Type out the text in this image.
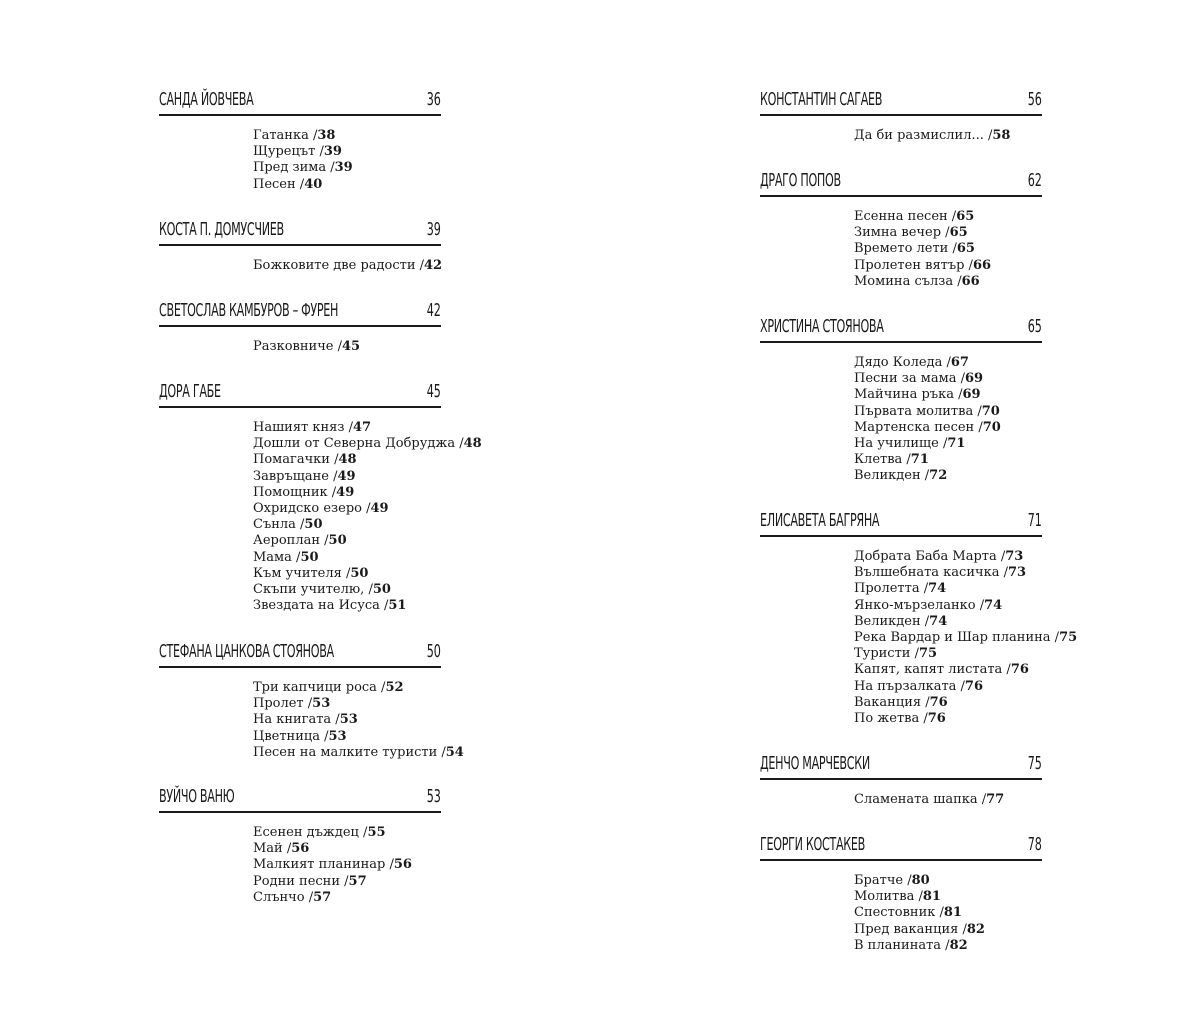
САНДА ЙОВЧЕВА	36
Гатанка /38
Щурецът /39
Пред зима /39
Песен /40
КОСТА П. ДОМУСЧИЕВ	39
Божковите две радости /42
СВЕТОСЛАВ КАМБУРОВ – ФУРЕН	42
Разковниче /45
ДОРА ГАБЕ	45
Нашият княз /47
Дошли от Северна Добруджа /48
Помагачки /48
Завръщане /49
Помощник /49
Охридско езеро /49
Сънла /50
Аероплан /50
Мама /50
Към учителя /50
Скъпи учителю, /50
Звездата на Исуса /51
СТЕФАНА ЦАНКОВА СТОЯНОВА	50
Три капчици роса /52
Пролет /53
На книгата /53
Цветница /53
Песен на малките туристи /54
ВУЙЧО ВАНЮ	53
Есенен дъждец /55
Май /56
Малкият планинар /56
Родни песни /57
Слънчо /57
КОНСТАНТИН САГАЕВ	56
Да би размислил... /58
ДРАГО ПОПОВ	62
Есенна песен /65
Зимна вечер /65
Времето лети /65
Пролетен вятър /66
Момина сълза /66
ХРИСТИНА СТОЯНОВА	65
Дядо Коледа /67
Песни за мама /69
Майчина ръка /69
Първата молитва /70
Мартенска песен /70
На училище /71
Клетва /71
Великден /72
ЕЛИСАВЕТА БАГРЯНА	71
Добрата Баба Марта /73
Вълшебната касичка /73
Пролетта /74
Янко-мързеланко /74
Великден /74
Река Вардар и Шар планина /75
Туристи /75
Капят, капят листата /76
На пързалката /76
Ваканция /76
По жетва /76
ДЕНЧО МАРЧЕВСКИ	75
Сламената шапка /77
ГЕОРГИ КОСТАКЕВ	78
Братче /80
Молитва /81
Спестовник /81
Пред ваканция /82
В планината /82
